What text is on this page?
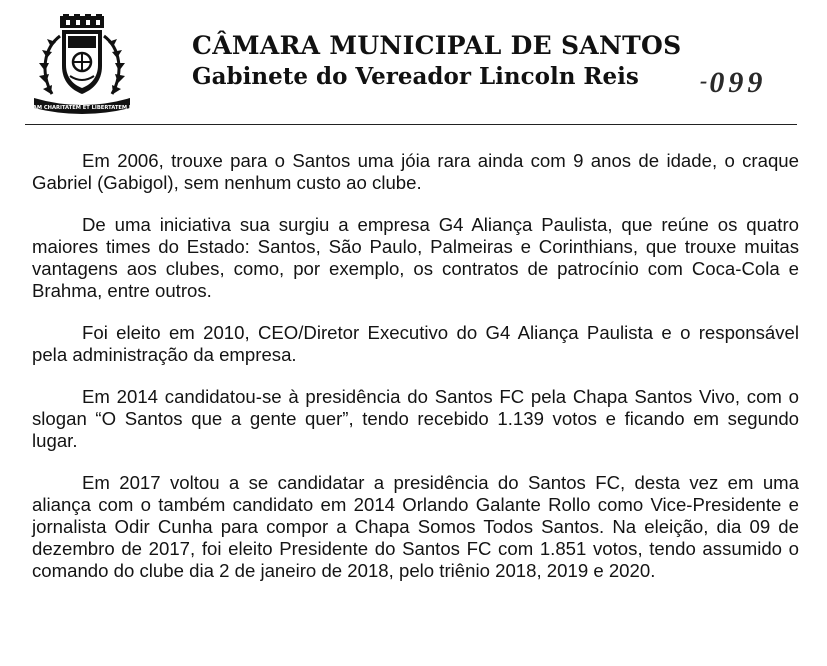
PATRIAM CHARITATEM ET LIBERTATEM DOCUI
CÂMARA MUNICIPAL DE SANTOS
Gabinete do Vereador Lincoln Reis	-099

Em 2006, trouxe para o Santos uma jóia rara ainda com 9 anos de idade, o craque Gabriel (Gabigol), sem nenhum custo ao clube.

De uma iniciativa sua surgiu a empresa G4 Aliança Paulista, que reúne os quatro maiores times do Estado: Santos, São Paulo, Palmeiras e Corinthians, que trouxe muitas vantagens aos clubes, como, por exemplo, os contratos de patrocínio com Coca-Cola e Brahma, entre outros.

Foi eleito em 2010, CEO/Diretor Executivo do G4 Aliança Paulista e o responsável pela administração da empresa.

Em 2014 candidatou-se à presidência do Santos FC pela Chapa Santos Vivo, com o slogan “O Santos que a gente quer”, tendo recebido 1.139 votos e ficando em segundo lugar.

Em 2017 voltou a se candidatar a presidência do Santos FC, desta vez em uma aliança com o também candidato em 2014 Orlando Galante Rollo como Vice-Presidente e jornalista Odir Cunha para compor a Chapa Somos Todos Santos. Na eleição, dia 09 de dezembro de 2017, foi eleito Presidente do Santos FC com 1.851 votos, tendo assumido o comando do clube dia 2 de janeiro de 2018, pelo triênio 2018, 2019 e 2020.
